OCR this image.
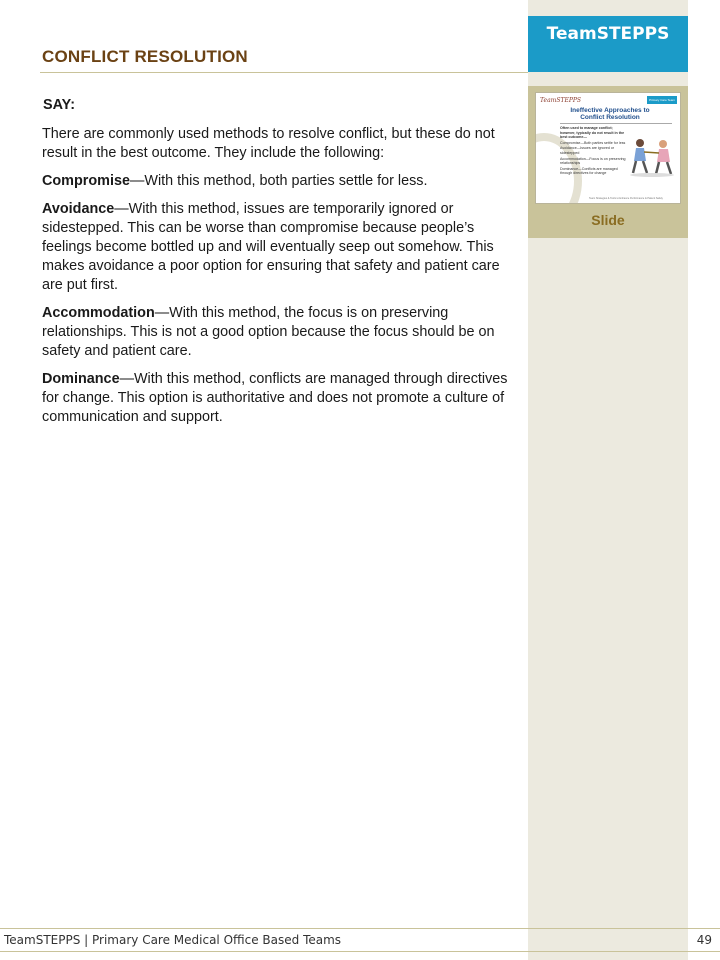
TeamSTEPPS
TeamSTEPPS	Primary Care Team
Ineffective Approaches to Conflict Resolution
Often used to manage conflict; however, typically do not result in the best outcome—
Compromise—Both parties settle for less
Avoidance—Issues are ignored or sidestepped
Accommodation—Focus is on preserving relationships
Dominance—Conflicts are managed through directives for change
Team Strategies & Tools to Enhance Performance & Patient Safety
Slide
CONFLICT RESOLUTION

SAY:

There are commonly used methods to resolve conflict, but these do not result in the best outcome. They include the following:

Compromise—With this method, both parties settle for less.

Avoidance—With this method, issues are temporarily ignored or sidestepped. This can be worse than compromise because people’s feelings become bottled up and will eventually seep out somehow. This makes avoidance a poor option for ensuring that safety and patient care are put first.

Accommodation—With this method, the focus is on preserving relationships. This is not a good option because the focus should be on safety and patient care.

Dominance—With this method, conflicts are managed through directives for change. This option is authoritative and does not promote a culture of communication and support.

TeamSTEPPS | Primary Care Medical Office Based Teams	49
